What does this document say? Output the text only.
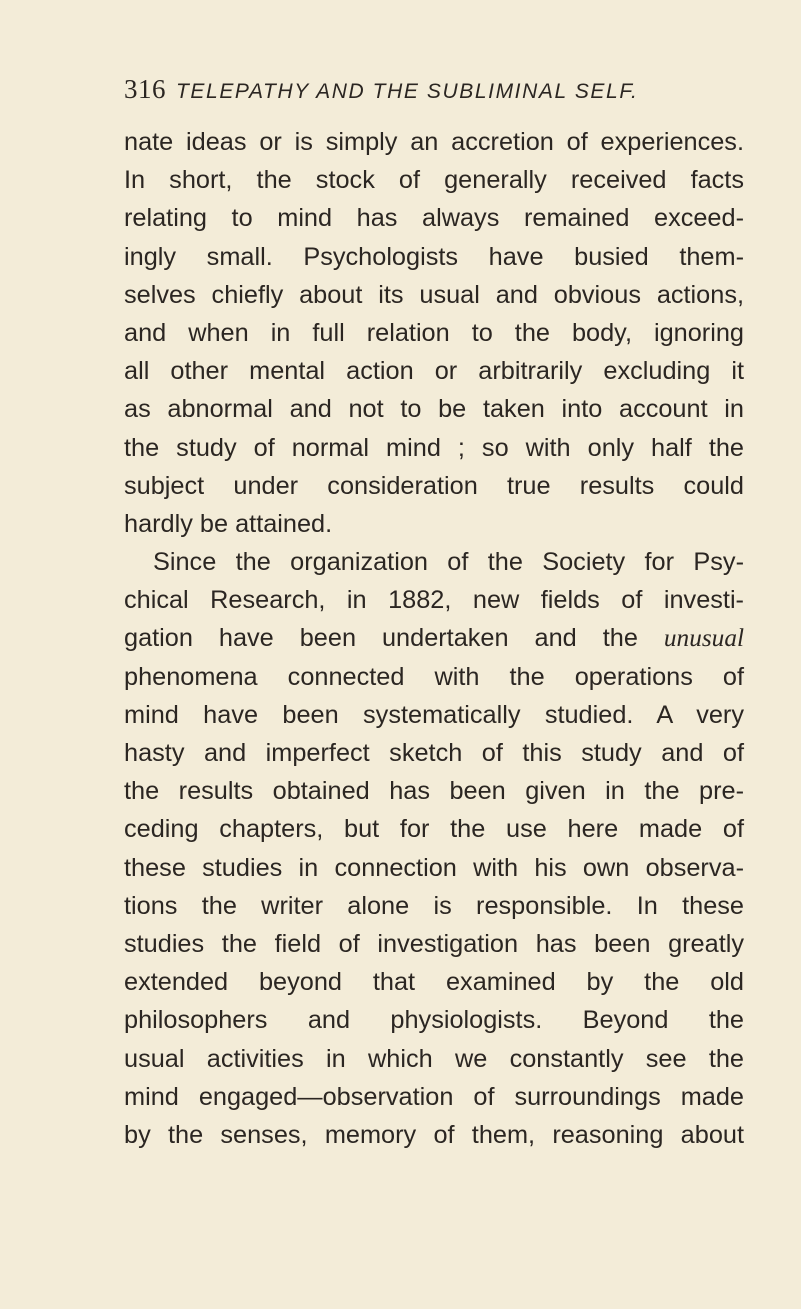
316 TELEPATHY AND THE SUBLIMINAL SELF.
nate ideas or is simply an accretion of experiences.
In short, the stock of generally received facts
relating to mind has always remained exceed-
ingly small. Psychologists have busied them-
selves chiefly about its usual and obvious actions,
and when in full relation to the body, ignoring
all other mental action or arbitrarily excluding it
as abnormal and not to be taken into account in
the study of normal mind ; so with only half the
subject under consideration true results could
hardly be attained.
Since the organization of the Society for Psy-
chical Research, in 1882, new fields of investi-
gation have been undertaken and the unusual
phenomena connected with the operations of
mind have been systematically studied. A very
hasty and imperfect sketch of this study and of
the results obtained has been given in the pre-
ceding chapters, but for the use here made of
these studies in connection with his own observa-
tions the writer alone is responsible. In these
studies the field of investigation has been greatly
extended beyond that examined by the old
philosophers and physiologists. Beyond the
usual activities in which we constantly see the
mind engaged—observation of surroundings made
by the senses, memory of them, reasoning about
